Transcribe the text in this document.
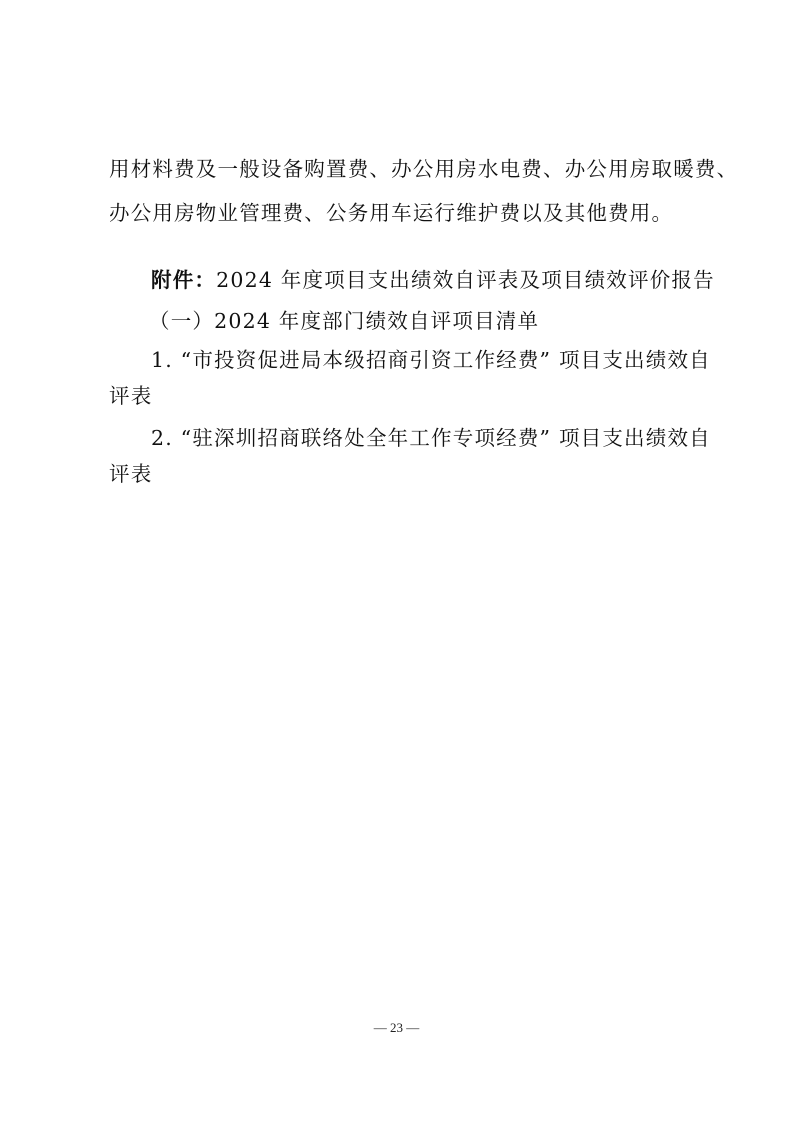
用材料费及一般设备购置费、办公用房水电费、办公用房取暖费、
办公用房物业管理费、公务用车运行维护费以及其他费用。
附件：2024 年度项目支出绩效自评表及项目绩效评价报告
（一）2024 年度部门绩效自评项目清单
1. “市投资促进局本级招商引资工作经费” 项目支出绩效自
评表
2. “驻深圳招商联络处全年工作专项经费” 项目支出绩效自
评表
— 23 —
